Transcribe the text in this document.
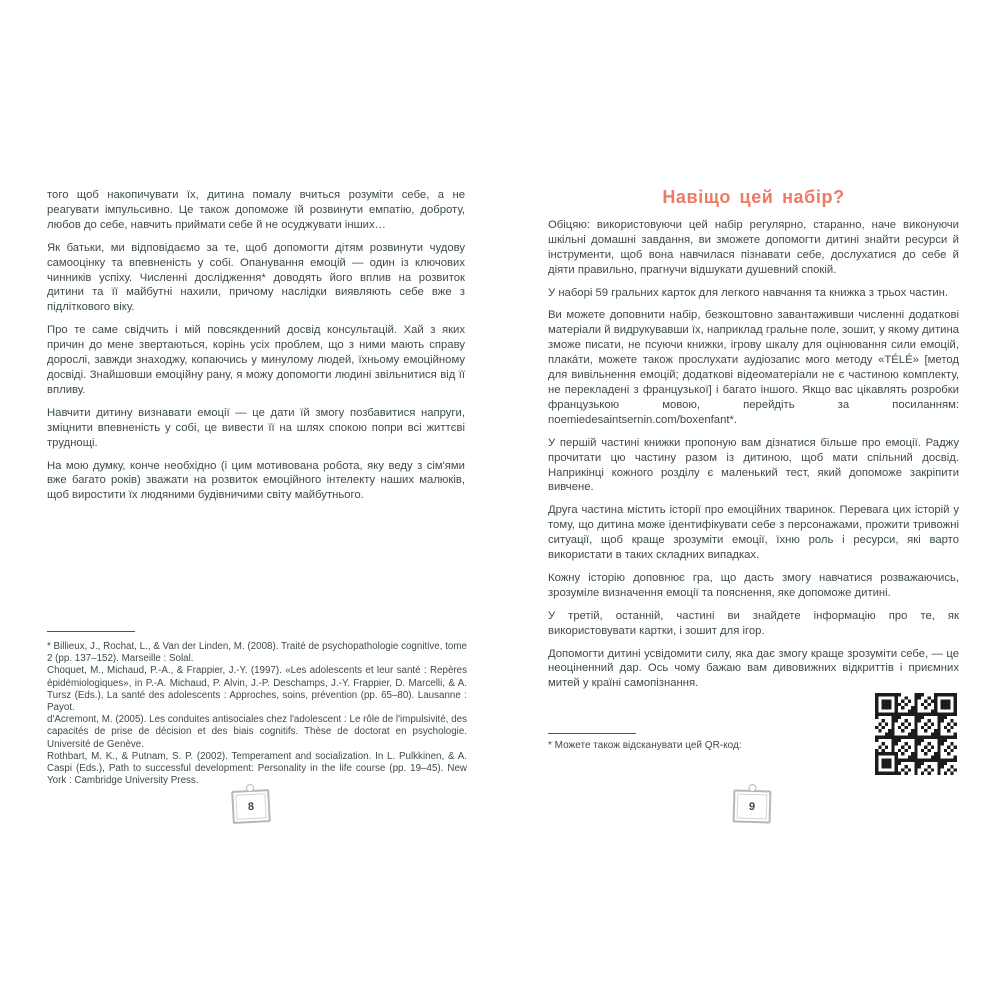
того щоб накопичувати їх, дитина помалу вчиться розуміти себе, а не реагувати імпульсивно. Це також допоможе їй розвинути емпатію, доброту, любов до себе, навчить приймати себе й не осуджувати інших…

Як батьки, ми відповідаємо за те, щоб допомогти дітям розвинути чудову самооцінку та впевненість у собі. Опанування емоцій — один із ключових чинників успіху. Численні дослідження* доводять його вплив на розвиток дитини та її майбутні нахили, причому наслідки виявляють себе вже з підліткового віку.

Про те саме свідчить і мій повсякденний досвід консультацій. Хай з яких причин до мене звертаються, корінь усіх проблем, що з ними мають справу дорослі, завжди знаходжу, копаючись у минулому людей, їхньому емоційному досвіді. Знайшовши емоційну рану, я можу допомогти людині звільнитися від її впливу.

Навчити дитину визнавати емоції — це дати їй змогу позбавитися напруги, зміцнити впевненість у собі, це вивести її на шлях спокою попри всі життєві труднощі.

На мою думку, конче необхідно (і цим мотивована робота, яку веду з сім'ями вже багато років) зважати на розвиток емоційного інтелекту наших малюків, щоб виростити їх людяними будівничими світу майбутнього.

* Billieux, J., Rochat, L., & Van der Linden, M. (2008). Traité de psychopathologie cognitive, tome 2 (pp. 137–152). Marseille : Solal.
Choquet, M., Michaud, P.-A., & Frappier, J.-Y. (1997). «Les adolescents et leur santé : Repères épidémiologiques», in P.-A. Michaud, P. Alvin, J.-P. Deschamps, J.-Y. Frappier, D. Marcelli, & A. Tursz (Eds.), La santé des adolescents : Approches, soins, prévention (pp. 65–80). Lausanne : Payot.
d'Acremont, M. (2005). Les conduites antisociales chez l'adolescent : Le rôle de l'impulsivité, des capacités de prise de décision et des biais cognitifs. Thèse de doctorat en psychologie. Université de Genève.
Rothbart, M. K., & Putnam, S. P. (2002). Temperament and socialization. In L. Pulkkinen, & A. Caspi (Eds.), Path to successful development: Personality in the life course (pp. 19–45). New York : Cambridge University Press.
8
Навіщо цей набір?

Обіцяю: використовуючи цей набір регулярно, старанно, наче виконуючи шкільні домашні завдання, ви зможете допомогти дитині знайти ресурси й інструменти, щоб вона навчилася пізнавати себе, дослухатися до себе й діяти правильно, прагнучи відшукати душевний спокій.

У наборі 59 гральних карток для легкого навчання та книжка з трьох частин.

Ви можете доповнити набір, безкоштовно завантаживши численні додаткові матеріали й видрукувавши їх, наприклад гральне поле, зошит, у якому дитина зможе писати, не псуючи книжки, ігрову шкалу для оцінювання сили емоцій, плакáти, можете також прослухати аудіозапис мого методу «TÉLÉ» [метод для вивільнення емоцій; додаткові відеоматеріали не є частиною комплекту, не перекладені з французької] і багато іншого. Якщо вас цікавлять розробки французькою мовою, перейдіть за посиланням: noemiedesaintsernin.com/boxenfant*.

У першій частині книжки пропоную вам дізнатися більше про емоції. Раджу прочитати цю частину разом із дитиною, щоб мати спільний досвід. Наприкінці кожного розділу є маленький тест, який допоможе закріпити вивчене.

Друга частина містить історії про емоційних тваринок. Перевага цих історій у тому, що дитина може ідентифікувати себе з персонажами, прожити тривожні ситуації, щоб краще зрозуміти емоції, їхню роль і ресурси, які варто використати в таких складних випадках.

Кожну історію доповнює гра, що дасть змогу навчатися розважаючись, зрозуміле визначення емоції та пояснення, яке допоможе дитині.

У третій, останній, частині ви знайдете інформацію про те, як використовувати картки, і зошит для ігор.

Допомогти дитині усвідомити силу, яка дає змогу краще зрозуміти себе, — це неоціненний дар. Ось чому бажаю вам дивовижних відкриттів і приємних митей у країні самопізнання.

* Можете також відсканувати цей QR-код:
9
